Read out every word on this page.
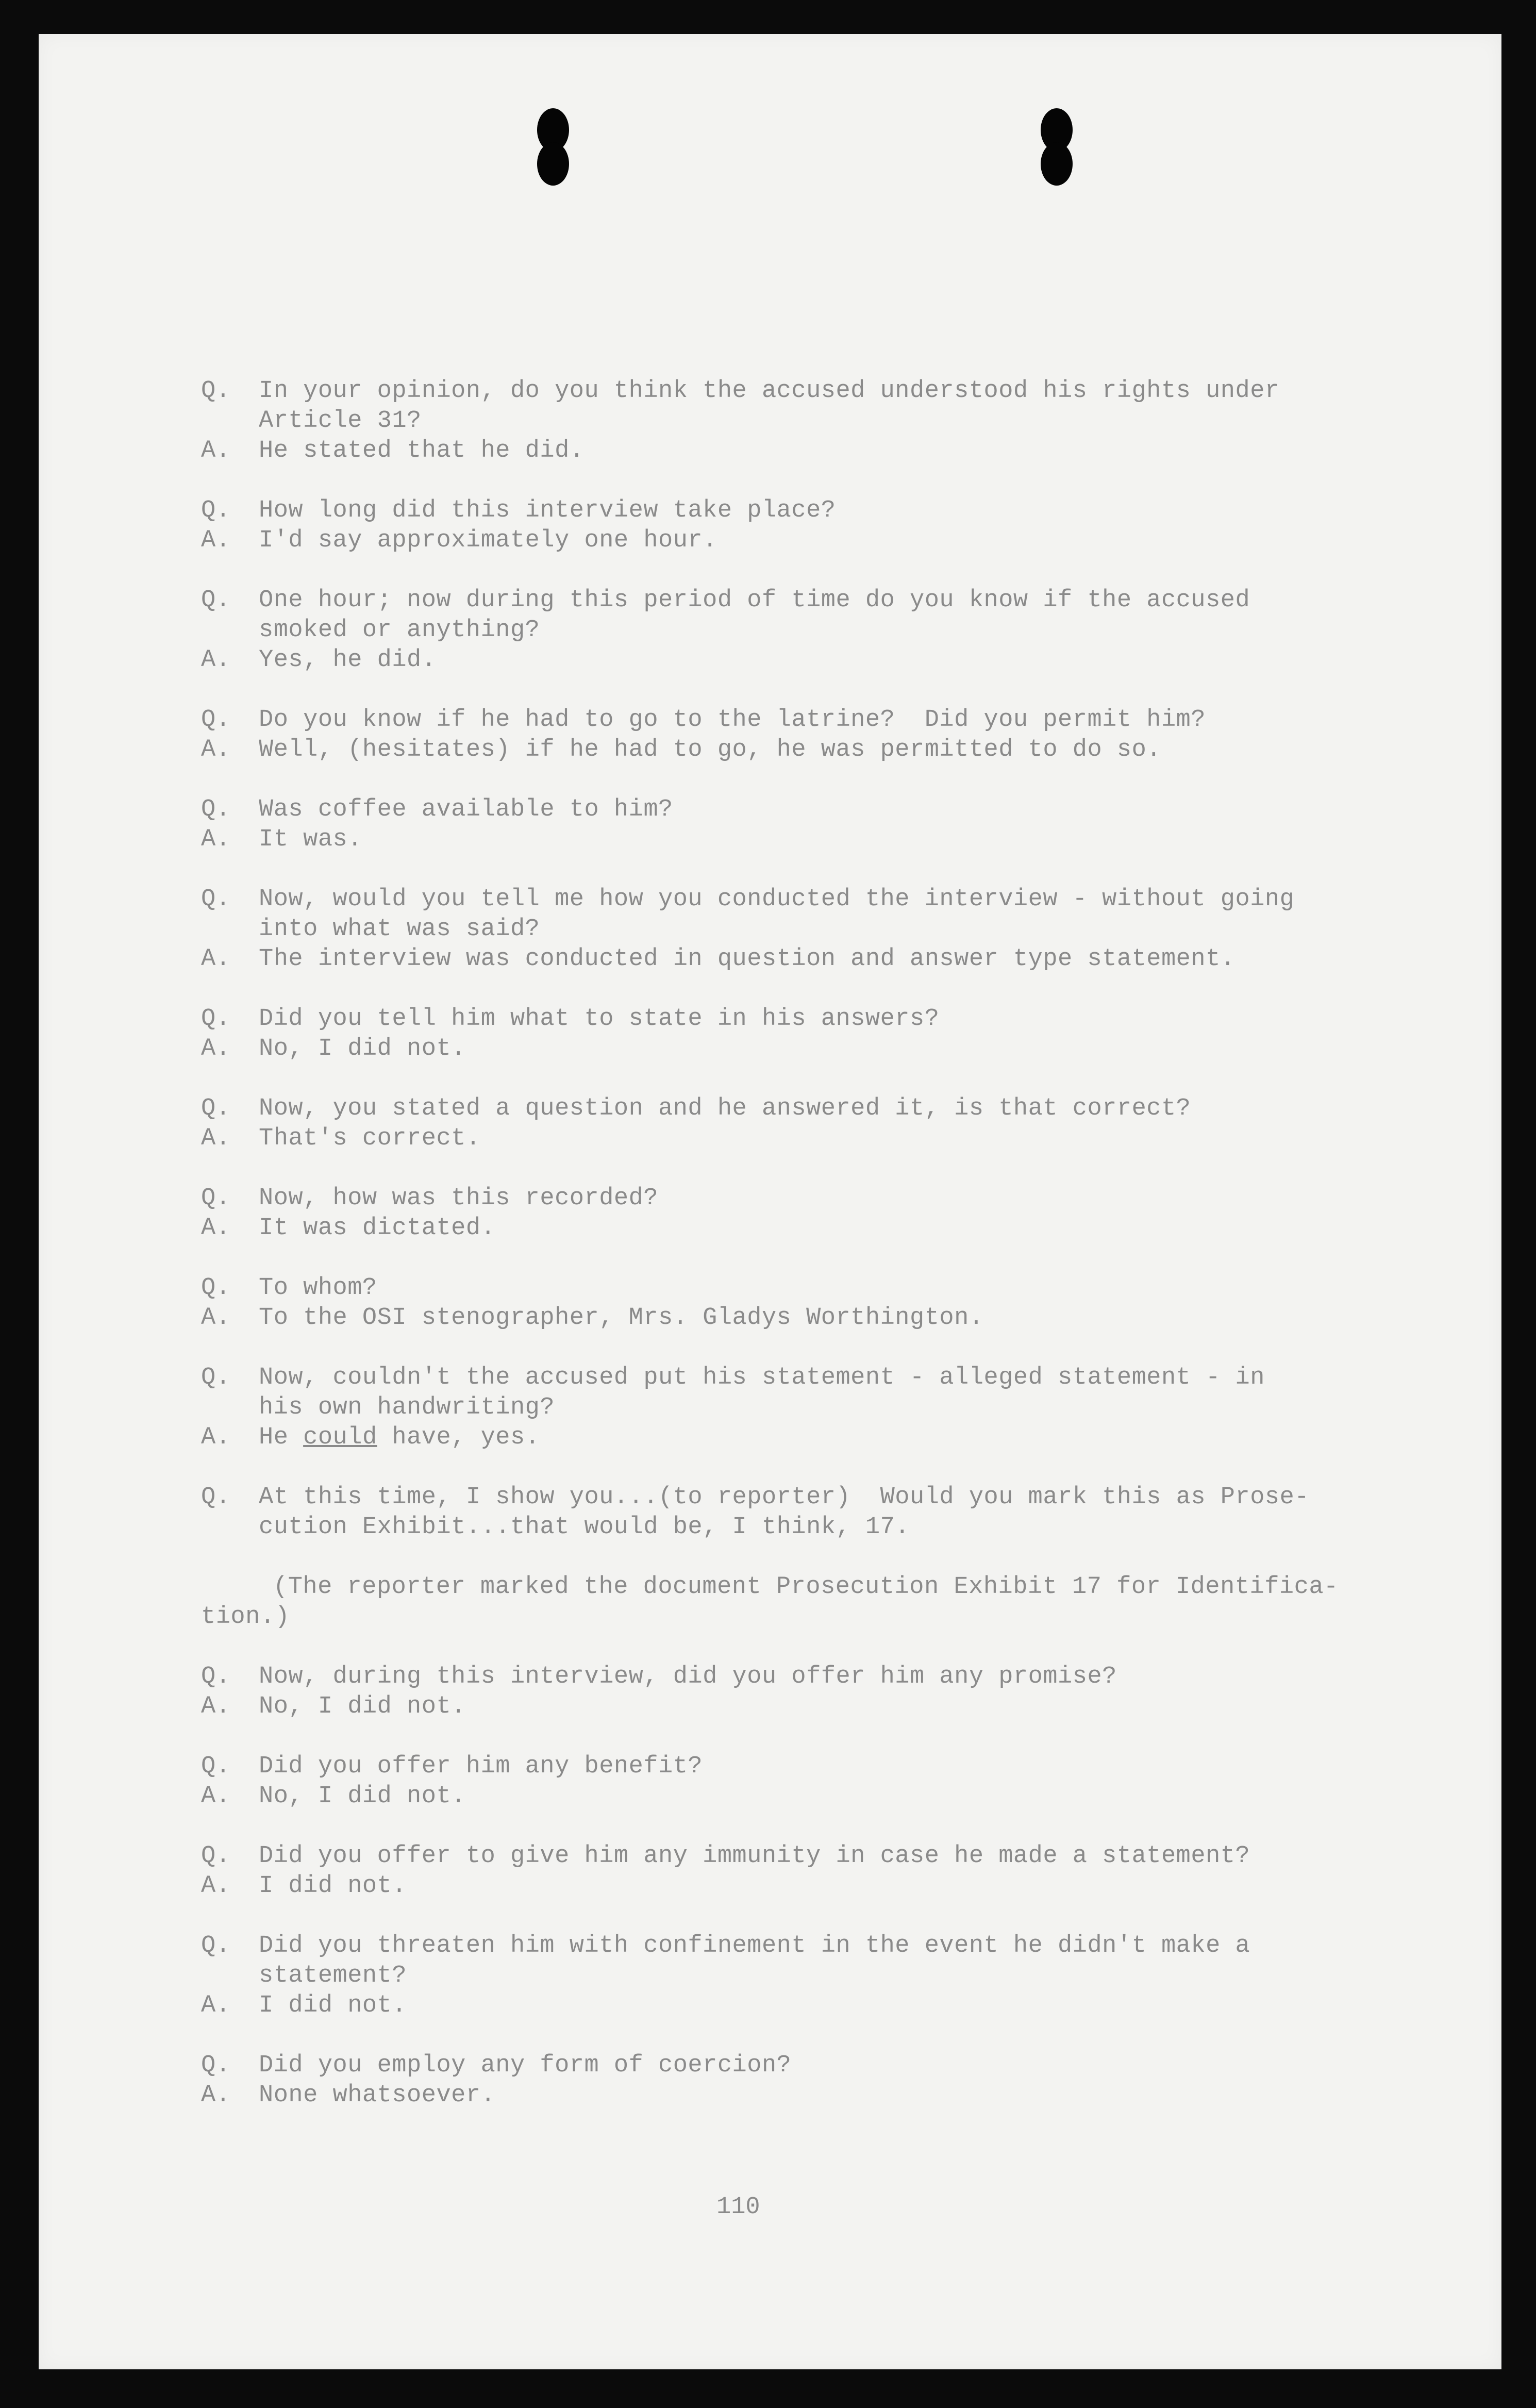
Q. In your opinion, do you think the accused understood his rights under
Article 31?
A. He stated that he did.
Q. How long did this interview take place?
A. I'd say approximately one hour.
Q. One hour; now during this period of time do you know if the accused
smoked or anything?
A. Yes, he did.
Q. Do you know if he had to go to the latrine?  Did you permit him?
A. Well, (hesitates) if he had to go, he was permitted to do so.
Q. Was coffee available to him?
A. It was.
Q. Now, would you tell me how you conducted the interview - without going
into what was said?
A. The interview was conducted in question and answer type statement.
Q. Did you tell him what to state in his answers?
A. No, I did not.
Q. Now, you stated a question and he answered it, is that correct?
A. That's correct.
Q. Now, how was this recorded?
A. It was dictated.
Q. To whom?
A. To the OSI stenographer, Mrs. Gladys Worthington.
Q. Now, couldn't the accused put his statement - alleged statement - in
his own handwriting?
A. He could have, yes.
Q. At this time, I show you...(to reporter)  Would you mark this as Prose-
cution Exhibit...that would be, I think, 17.
(The reporter marked the document Prosecution Exhibit 17 for Identifica-
tion.)
Q. Now, during this interview, did you offer him any promise?
A. No, I did not.
Q. Did you offer him any benefit?
A. No, I did not.
Q. Did you offer to give him any immunity in case he made a statement?
A. I did not.
Q. Did you threaten him with confinement in the event he didn't make a
statement?
A. I did not.
Q. Did you employ any form of coercion?
A. None whatsoever.
110
